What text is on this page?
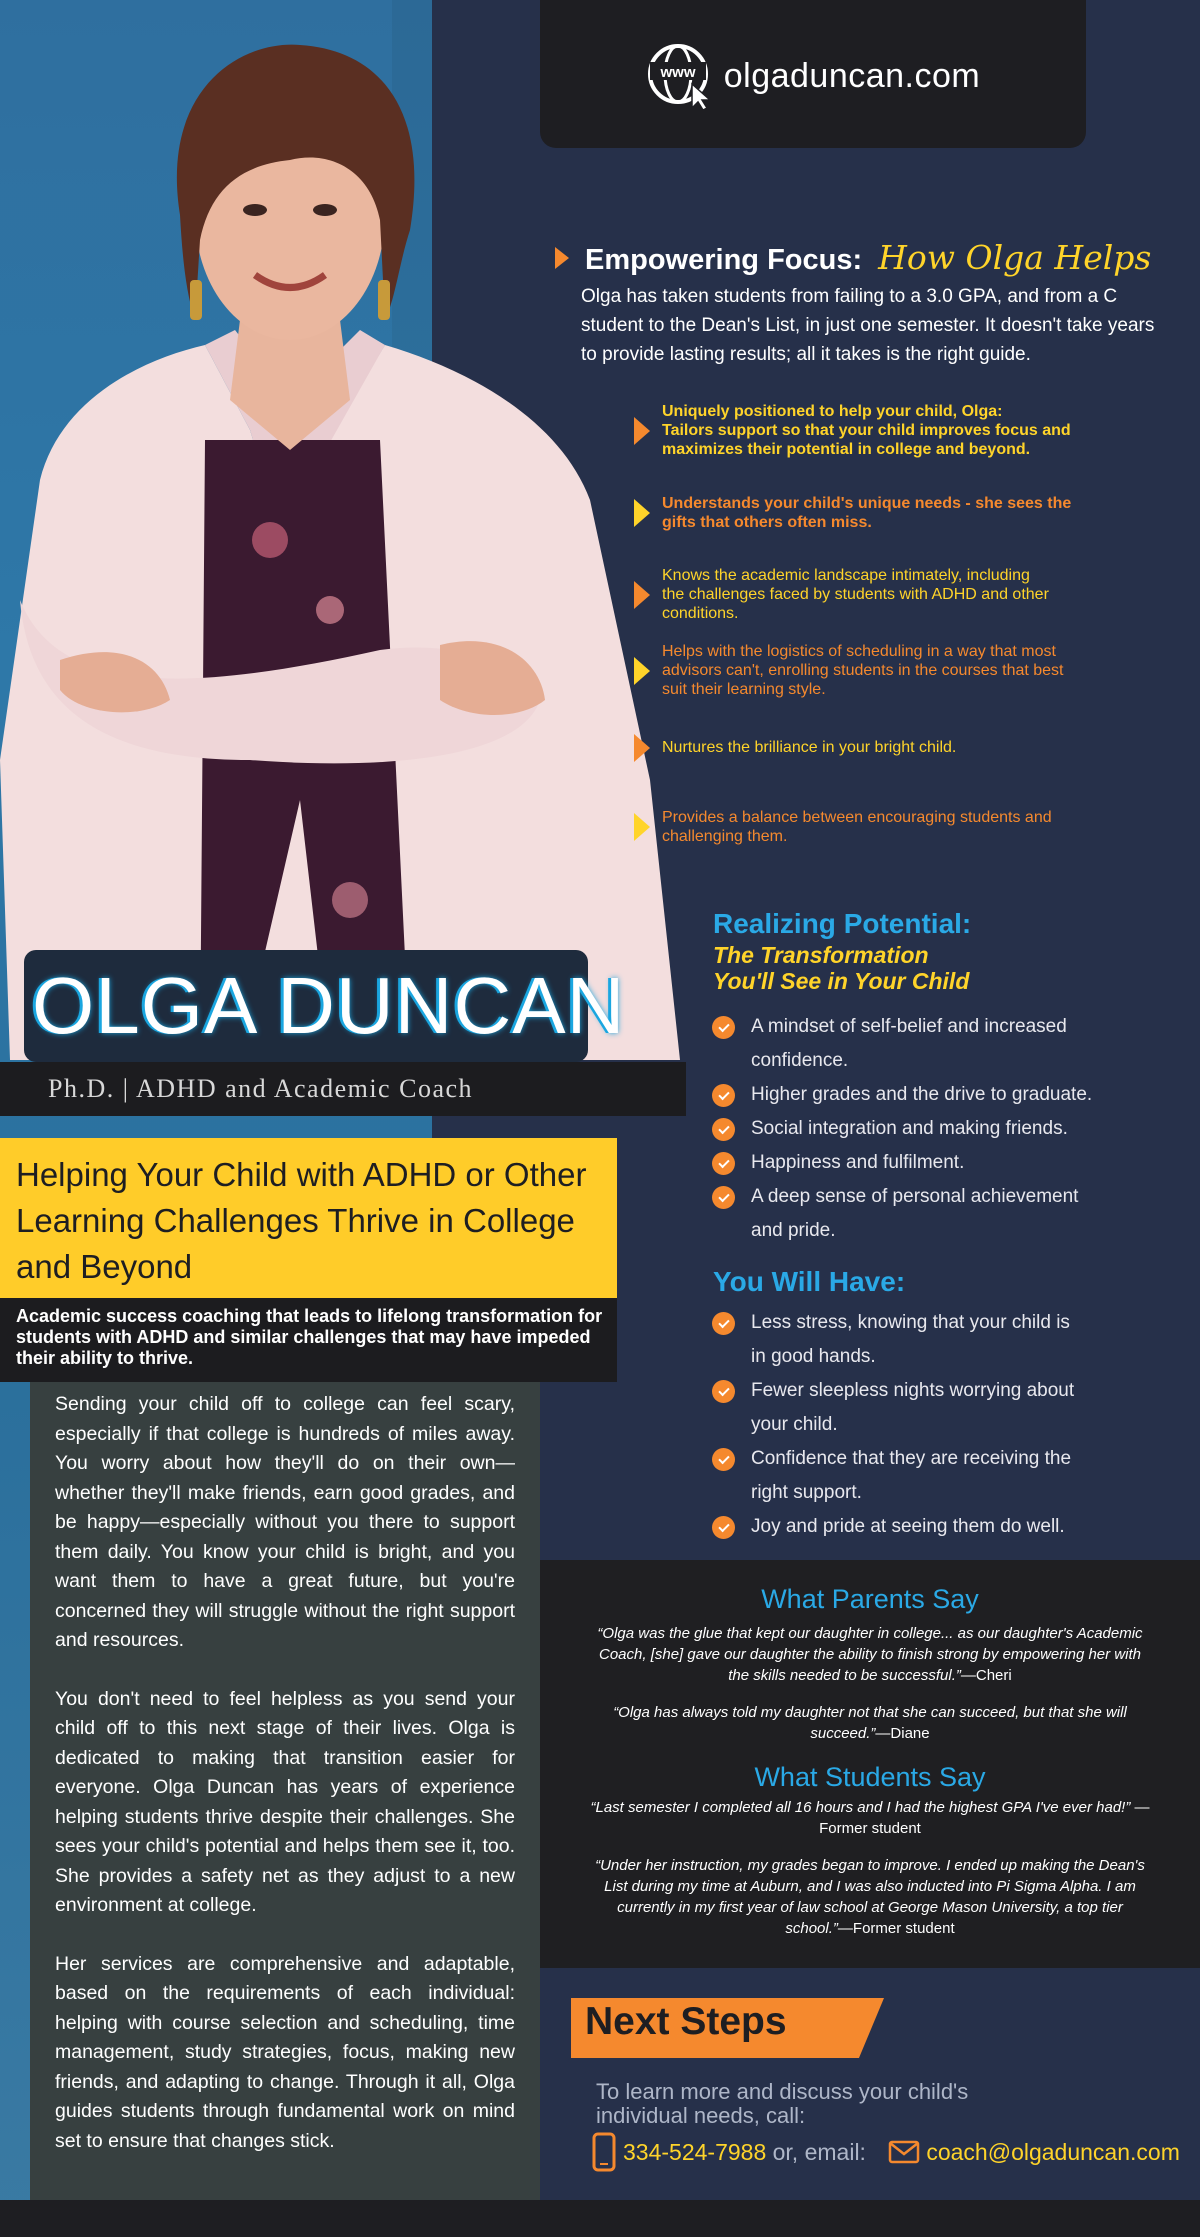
www olgaduncan.com
Empowering Focus: How Olga Helps
Olga has taken students from failing to a 3.0 GPA, and from a C student to the Dean's List, in just one semester. It doesn't take years to provide lasting results; all it takes is the right guide.
Uniquely positioned to help your child, Olga:
Tailors support so that your child improves focus and
maximizes their potential in college and beyond.
Understands your child's unique needs - she sees the
gifts that others often miss.
Knows the academic landscape intimately, including
the challenges faced by students with ADHD and other
conditions.
Helps with the logistics of scheduling in a way that most
advisors can't, enrolling students in the courses that best
suit their learning style.
Nurtures the brilliance in your bright child.
Provides a balance between encouraging students and
challenging them.
Realizing Potential:
The Transformation
You'll See in Your Child
A mindset of self-belief and increased
confidence.
Higher grades and the drive to graduate.
Social integration and making friends.
Happiness and fulfilment.
A deep sense of personal achievement
and pride.
You Will Have:
Less stress, knowing that your child is
in good hands.
Fewer sleepless nights worrying about
your child.
Confidence that they are receiving the
right support.
Joy and pride at seeing them do well.
What Parents Say
“Olga was the glue that kept our daughter in college... as our daughter's Academic Coach, [she] gave our daughter the ability to finish strong by empowering her with the skills needed to be successful.”—Cheri
“Olga has always told my daughter not that she can succeed, but that she will succeed.”—Diane
What Students Say
“Last semester I completed all 16 hours and I had the highest GPA I've ever had!” —Former student
“Under her instruction, my grades began to improve. I ended up making the Dean's List during my time at Auburn, and I was also inducted into Pi Sigma Alpha. I am currently in my first year of law school at George Mason University, a top tier school.”—Former student
Next Steps
To learn more and discuss your child's
individual needs, call:
334-524-7988 or, email: coach@olgaduncan.com
OLGA DUNCAN
Ph.D. | ADHD and Academic Coach
Helping Your Child with ADHD or Other Learning Challenges Thrive in College and Beyond
Academic success coaching that leads to lifelong transformation for students with ADHD and similar challenges that may have impeded their ability to thrive.

Sending your child off to college can feel scary, especially if that college is hundreds of miles away. You worry about how they'll do on their own—whether they'll make friends, earn good grades, and be happy—especially without you there to support them daily. You know your child is bright, and you want them to have a great future, but you're concerned they will struggle without the right support and resources.

You don't need to feel helpless as you send your child off to this next stage of their lives. Olga is dedicated to making that transition easier for everyone. Olga Duncan has years of experience helping students thrive despite their challenges. She sees your child's potential and helps them see it, too. She provides a safety net as they adjust to a new environment at college.

Her services are comprehensive and adaptable, based on the requirements of each individual: helping with course selection and scheduling, time management, study strategies, focus, making new friends, and adapting to change. Through it all, Olga guides students through fundamental work on mind set to ensure that changes stick.
